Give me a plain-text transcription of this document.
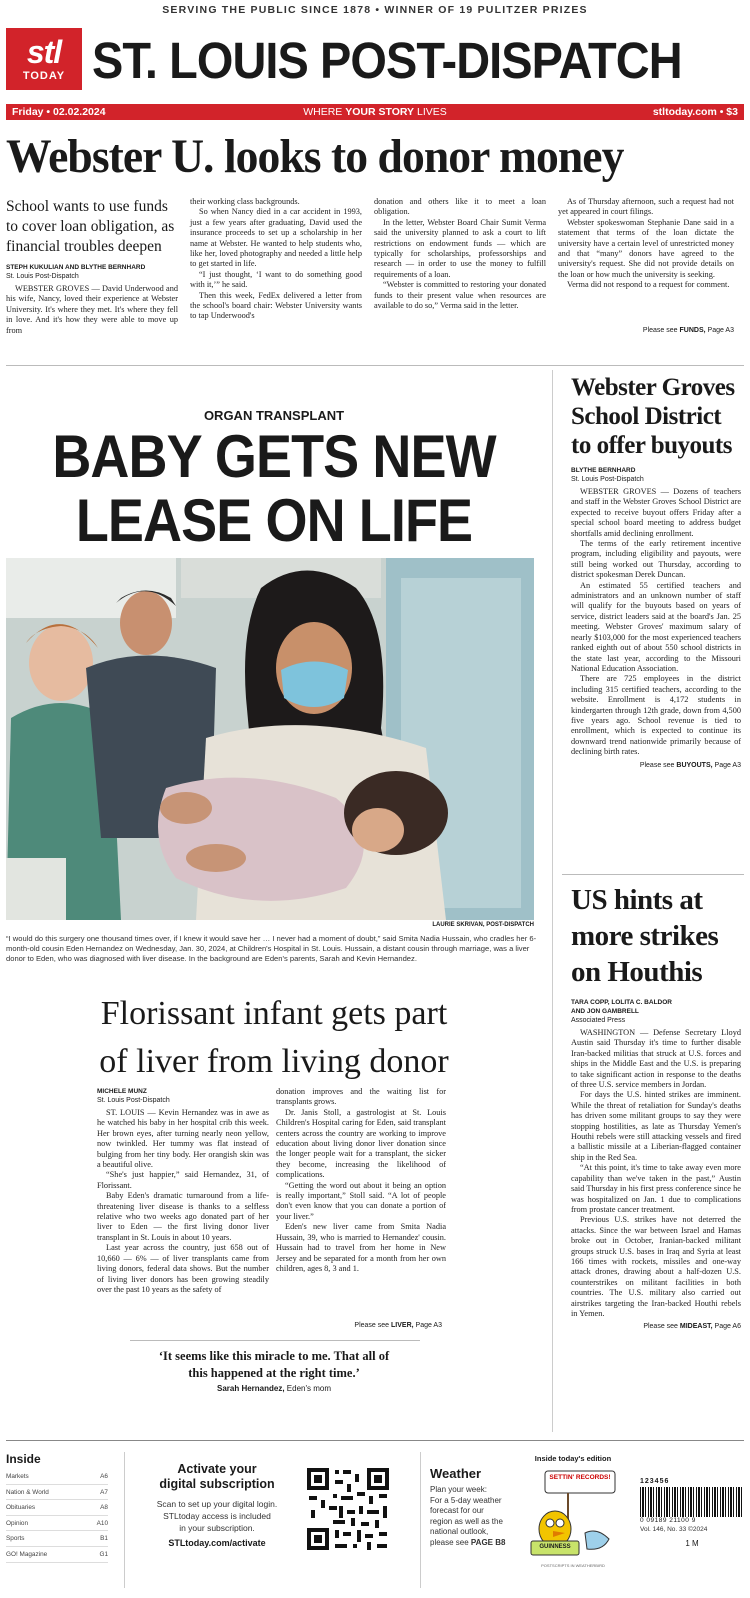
SERVING THE PUBLIC SINCE 1878 • WINNER OF 19 PULITZER PRIZES
stl
TODAY ST. LOUIS POST-DISPATCH
Friday • 02.02.2024	WHERE YOUR STORY LIVES	stltoday.com • $3
Webster U. looks to donor money
School wants to use funds to cover loan obligation, as financial troubles deepen
STEPH KUKULIAN AND BLYTHE BERNHARD
St. Louis Post-Dispatch

WEBSTER GROVES — David Underwood and his wife, Nancy, loved their experience at Webster University. It's where they met. It's where they fell in love. And it's how they were able to move up from

their working class backgrounds.

So when Nancy died in a car accident in 1993, just a few years after graduating, David used the insurance proceeds to set up a scholarship in her name at Webster. He wanted to help students who, like her, loved photography and needed a little help to get started in life.

“I just thought, ‘I want to do something good with it,’” he said.

Then this week, FedEx delivered a letter from the school's board chair: Webster University wants to tap Underwood's

donation and others like it to meet a loan obligation.

In the letter, Webster Board Chair Sumit Verma said the university planned to ask a court to lift restrictions on endowment funds — which are typically for scholarships, professorships and research — in order to use the money to fulfill requirements of a loan.

“Webster is committed to restoring your donated funds to their present value when resources are available to do so,” Verma said in the letter.

As of Thursday afternoon, such a request had not yet appeared in court filings.

Webster spokeswoman Stephanie Dane said in a statement that terms of the loan dictate the university have a certain level of unrestricted money and that “many” donors have agreed to the university's request. She did not provide details on the loan or how much the university is seeking.

Verma did not respond to a request for comment.

Please see FUNDS, Page A3
ORGAN TRANSPLANT
BABY GETS NEW
LEASE ON LIFE
LAURIE SKRIVAN, POST-DISPATCH
“I would do this surgery one thousand times over, if I knew it would save her … I never had a moment of doubt,” said Smita Nadia Hussain, who cradles her 6-month-old cousin Eden Hernandez on Wednesday, Jan. 30, 2024, at Children's Hospital in St. Louis. Hussain, a distant cousin through marriage, was a liver donor to Eden, who was diagnosed with liver disease. In the background are Eden's parents, Sarah and Kevin Hernandez.
Florissant infant gets part
of liver from living donor
MICHELE MUNZ
St. Louis Post-Dispatch

ST. LOUIS — Kevin Hernandez was in awe as he watched his baby in her hospital crib this week. Her brown eyes, after turning nearly neon yellow, now twinkled. Her tummy was flat instead of bulging from her tiny body. Her orangish skin was a beautiful olive.

“She's just happier,” said Hernandez, 31, of Florissant.

Baby Eden's dramatic turnaround from a life-threatening liver disease is thanks to a selfless relative who two weeks ago donated part of her liver to Eden — the first living donor liver transplant in St. Louis in about 10 years.

Last year across the country, just 658 out of 10,660 — 6% — of liver transplants came from living donors, federal data shows. But the number of living liver donors has been growing steadily over the past 10 years as the safety of

donation improves and the waiting list for transplants grows.

Dr. Janis Stoll, a gastrologist at St. Louis Children's Hospital caring for Eden, said transplant centers across the country are working to improve education about living donor liver donation since the longer people wait for a transplant, the sicker they become, increasing the likelihood of complications.

“Getting the word out about it being an option is really important,” Stoll said. “A lot of people don't even know that you can donate a portion of your liver.”

Eden's new liver came from Smita Nadia Hussain, 39, who is married to Hernandez' cousin. Hussain had to travel from her home in New Jersey and be separated for a month from her own children, ages 8, 3 and 1.

Please see LIVER, Page A3
‘It seems like this miracle to me. That all of
this happened at the right time.’
Sarah Hernandez, Eden's mom
Webster Groves
School District
to offer buyouts
BLYTHE BERNHARD
St. Louis Post-Dispatch

WEBSTER GROVES — Dozens of teachers and staff in the Webster Groves School District are expected to receive buyout offers Friday after a special school board meeting to address budget shortfalls amid declining enrollment.

The terms of the early retirement incentive program, including eligibility and payouts, were still being worked out Thursday, according to district spokesman Derek Duncan.

An estimated 55 certified teachers and administrators and an unknown number of staff will qualify for the buyouts based on years of service, district leaders said at the board's Jan. 25 meeting. Webster Groves' maximum salary of nearly $103,000 for the most experienced teachers ranked eighth out of about 550 school districts in the state last year, according to the Missouri National Education Association.

There are 725 employees in the district including 315 certified teachers, according to the website. Enrollment is 4,172 students in kindergarten through 12th grade, down from 4,500 five years ago. School revenue is tied to enrollment, which is expected to continue its downward trend nationwide primarily because of declining birth rates.

Please see BUYOUTS, Page A3
US hints at
more strikes
on Houthis
TARA COPP, LOLITA C. BALDOR
AND JON GAMBRELL
Associated Press

WASHINGTON — Defense Secretary Lloyd Austin said Thursday it's time to further disable Iran-backed militias that struck at U.S. forces and ships in the Middle East and the U.S. is preparing to take significant action in response to the deaths of three U.S. service members in Jordan.

For days the U.S. hinted strikes are imminent. While the threat of retaliation for Sunday's deaths has driven some militant groups to say they were stopping hostilities, as late as Thursday Yemen's Houthi rebels were still attacking vessels and fired a ballistic missile at a Liberian-flagged container ship in the Red Sea.

“At this point, it's time to take away even more capability than we've taken in the past,” Austin said Thursday in his first press conference since he was hospitalized on Jan. 1 due to complications from prostate cancer treatment.

Previous U.S. strikes have not deterred the attacks. Since the war between Israel and Hamas broke out in October, Iranian-backed militant groups struck U.S. bases in Iraq and Syria at least 166 times with rockets, missiles and one-way attack drones, drawing about a half-dozen U.S. counterstrikes on militant facilities in both countries. The U.S. military also carried out airstrikes targeting the Iran-backed Houthi rebels in Yemen.

Please see MIDEAST, Page A6
Inside
Markets	A6
Nation & World	A7
Obituaries	A8
Opinion	A10
Sports	B1
GO! Magazine	G1
Activate your
digital subscription
Scan to set up your digital login.
STLtoday access is included
in your subscription.
STLtoday.com/activate
Weather
Plan your week:
For a 5-day weather
forecast for our
region as well as the
national outlook,
please see PAGE B8
Inside today's edition
SETTIN' RECORDS!
GUINNESS
POSTSCRIPTS IN WEATHERBIRD
123456
0 09189 21100 9
Vol. 146, No. 33 ©2024
1 M
